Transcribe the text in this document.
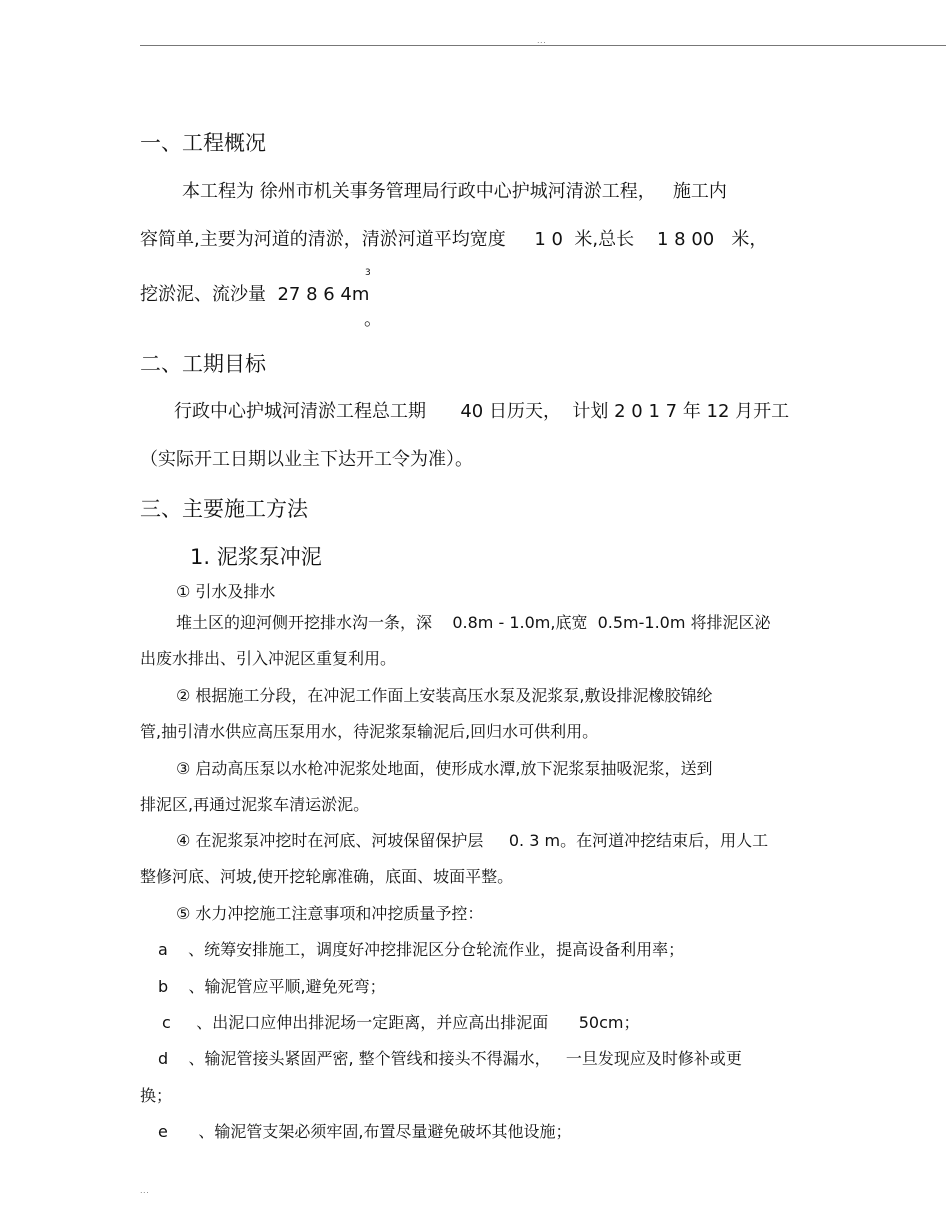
...
一、工程概况
本工程为 徐州市机关事务管理局行政中心护城河清淤工程，   施工内
容简单,主要为河道的清淤，清淤河道平均宽度     1 0  米,总长    1 8 00   米，
挖淤泥、流沙量  27 8 6 4m
3
。
二、工期目标
行政中心护城河清淤工程总工期      40 日历天，  计划 2 0 1 7 年 12 月开工
（实际开工日期以业主下达开工令为准）。
三、主要施工方法
1. 泥浆泵冲泥
① 引水及排水
堆土区的迎河侧开挖排水沟一条，深    0.8m - 1.0m,底宽  0.5m-1.0m 将排泥区泌
出废水排出、引入冲泥区重复利用。
② 根据施工分段，在冲泥工作面上安装高压水泵及泥浆泵,敷设排泥橡胶锦纶
管,抽引清水供应高压泵用水，待泥浆泵输泥后,回归水可供利用。
③ 启动高压泵以水枪冲泥浆处地面，使形成水潭,放下泥浆泵抽吸泥浆，送到
排泥区,再通过泥浆车清运淤泥。
④ 在泥浆泵冲挖时在河底、河坡保留保护层     0. 3 m。在河道冲挖结束后，用人工
整修河底、河坡,使开挖轮廓准确，底面、坡面平整。
⑤ 水力冲挖施工注意事项和冲挖质量予控：
a    、统筹安排施工，调度好冲挖排泥区分仓轮流作业，提高设备利用率；
b    、输泥管应平顺,避免死弯；
c     、出泥口应伸出排泥场一定距离，并应高出排泥面      50cm；
d    、输泥管接头紧固严密, 整个管线和接头不得漏水，   一旦发现应及时修补或更
换；
e      、输泥管支架必须牢固,布置尽量避免破坏其他设施；
...
